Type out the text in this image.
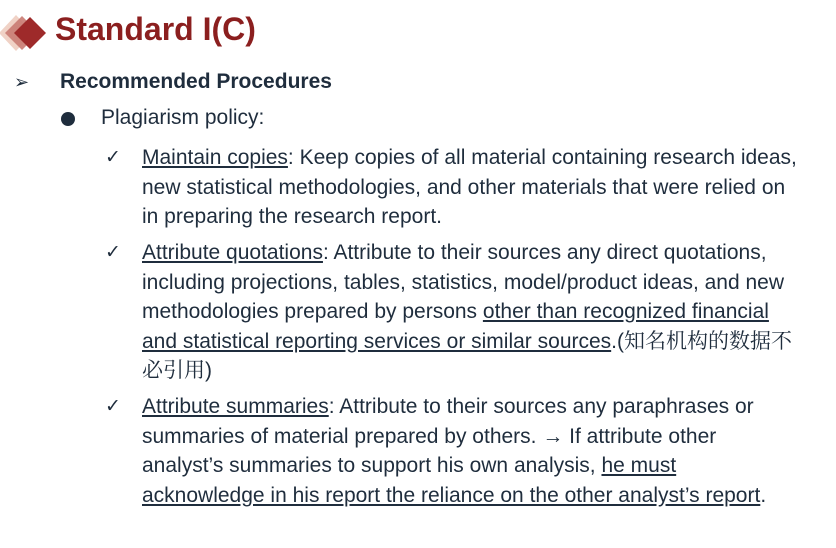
Standard I(C)
➢ Recommended Procedures
Plagiarism policy:
✓ Maintain copies: Keep copies of all material containing research ideas, new statistical methodologies, and other materials that were relied on in preparing the research report.
✓ Attribute quotations: Attribute to their sources any direct quotations, including projections, tables, statistics, model/product ideas, and new methodologies prepared by persons other than recognized financial and statistical reporting services or similar sources.(知名机构的数据不必引用)
✓ Attribute summaries: Attribute to their sources any paraphrases or summaries of material prepared by others. → If attribute other analyst’s summaries to support his own analysis, he must acknowledge in his report the reliance on the other analyst’s report.
